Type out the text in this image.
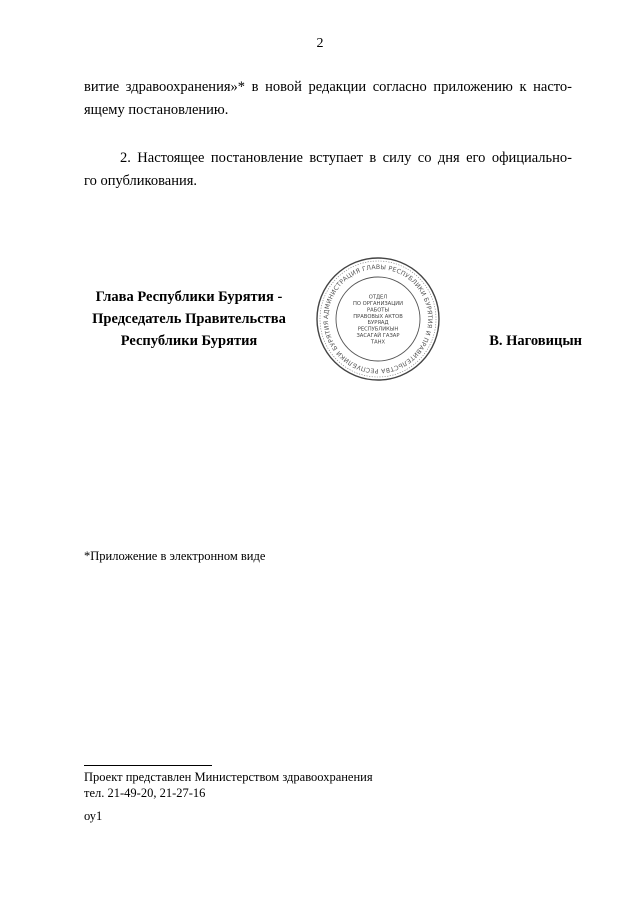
2

витие здравоохранения»* в новой редакции согласно приложению к насто-
ящему постановлению.

2. Настоящее постановление вступает в силу со дня его официально-
го опубликования.

Глава Республики Бурятия -
Председатель Правительства
Республики Бурятия
АДМИНИСТРАЦИЯ ГЛАВЫ РЕСПУБЛИКИ БУРЯТИЯ И ПРАВИТЕЛЬСТВА РЕСПУБЛИКИ БУРЯТИЯ
ОТДЕЛ
ПО ОРГАНИЗАЦИИ
РАБОТЫ
ПРАВОВЫХ АКТОВ
БУРЯАД
РЕСПУБЛИКЫН
ЗАСАГАЙ ГАЗАР
ТАНХ	В. Наговицын
*Приложение в электронном виде
Проект представлен Министерством здравоохранения
тел. 21-49-20, 21-27-16
оу1
